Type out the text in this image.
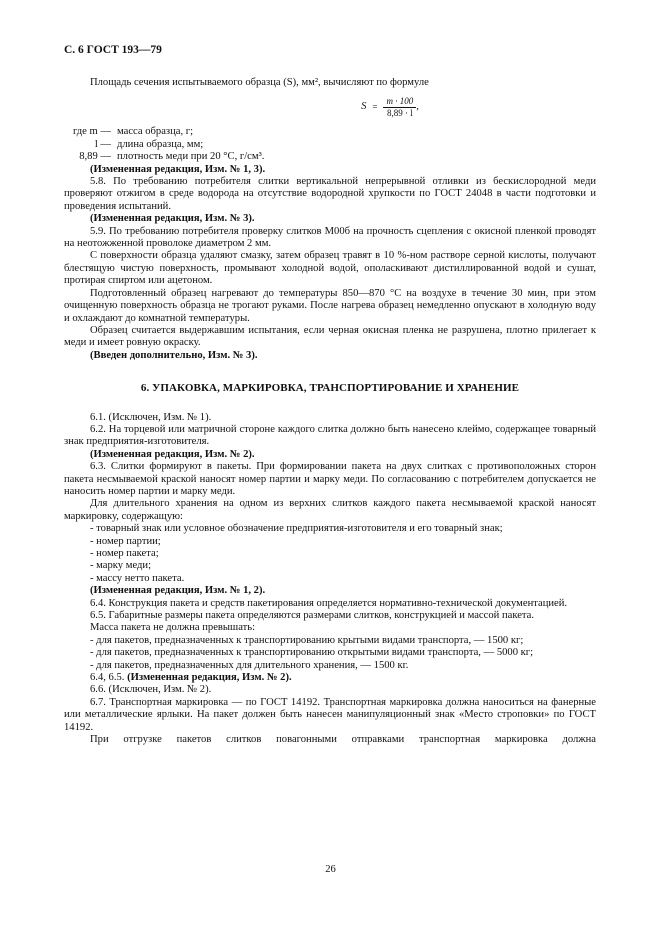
С. 6 ГОСТ 193—79

Площадь сечения испытываемого образца (S), мм², вычисляют по формуле

$S = \frac{m \cdot 100}{8,89 \cdot l}$ ,
где m — масса образца, г;
l — длина образца, мм;
8,89 — плотность меди при 20 °С, г/см³.

(Измененная редакция, Изм. № 1, 3).

5.8. По требованию потребителя слитки вертикальной непрерывной отливки из бескислородной меди проверяют отжигом в среде водорода на отсутствие водородной хрупкости по ГОСТ 24048 в части подготовки и проведения испытаний.

(Измененная редакция, Изм. № 3).

5.9. По требованию потребителя проверку слитков М00б на прочность сцепления с окисной пленкой проводят на неотожженной проволоке диаметром 2 мм.

С поверхности образца удаляют смазку, затем образец травят в 10 %-ном растворе серной кислоты, получают блестящую чистую поверхность, промывают холодной водой, ополаскивают дистиллированной водой и сушат, протирая спиртом или ацетоном.

Подготовленный образец нагревают до температуры 850—870 °С на воздухе в течение 30 мин, при этом очищенную поверхность образца не трогают руками. После нагрева образец немедленно опускают в холодную воду и охлаждают до комнатной температуры.

Образец считается выдержавшим испытания, если черная окисная пленка не разрушена, плотно прилегает к меди и имеет ровную окраску.

(Введен дополнительно, Изм. № 3).

6. УПАКОВКА, МАРКИРОВКА, ТРАНСПОРТИРОВАНИЕ И ХРАНЕНИЕ

6.1. (Исключен, Изм. № 1).

6.2. На торцевой или матричной стороне каждого слитка должно быть нанесено клеймо, содержащее товарный знак предприятия-изготовителя.

(Измененная редакция, Изм. № 2).

6.3. Слитки формируют в пакеты. При формировании пакета на двух слитках с противоположных сторон пакета несмываемой краской наносят номер партии и марку меди. По согласованию с потребителем допускается не наносить номер партии и марку меди.

Для длительного хранения на одном из верхних слитков каждого пакета несмываемой краской наносят маркировку, содержащую:

- товарный знак или условное обозначение предприятия-изготовителя и его товарный знак;

- номер партии;

- номер пакета;

- марку меди;

- массу нетто пакета.

(Измененная редакция, Изм. № 1, 2).

6.4. Конструкция пакета и средств пакетирования определяется нормативно-технической документацией.

6.5. Габаритные размеры пакета определяются размерами слитков, конструкцией и массой пакета.

Масса пакета не должна превышать:

- для пакетов, предназначенных к транспортированию крытыми видами транспорта, — 1500 кг;

- для пакетов, предназначенных к транспортированию открытыми видами транспорта, — 5000 кг;

- для пакетов, предназначенных для длительного хранения, — 1500 кг.

6.4, 6.5. (Измененная редакция, Изм. № 2).

6.6. (Исключен, Изм. № 2).

6.7. Транспортная маркировка — по ГОСТ 14192. Транспортная маркировка должна наноситься на фанерные или металлические ярлыки. На пакет должен быть нанесен манипуляционный знак «Место строповки» по ГОСТ 14192.

При отгрузке пакетов слитков повагонными отправками транспортная маркировка должна

26
